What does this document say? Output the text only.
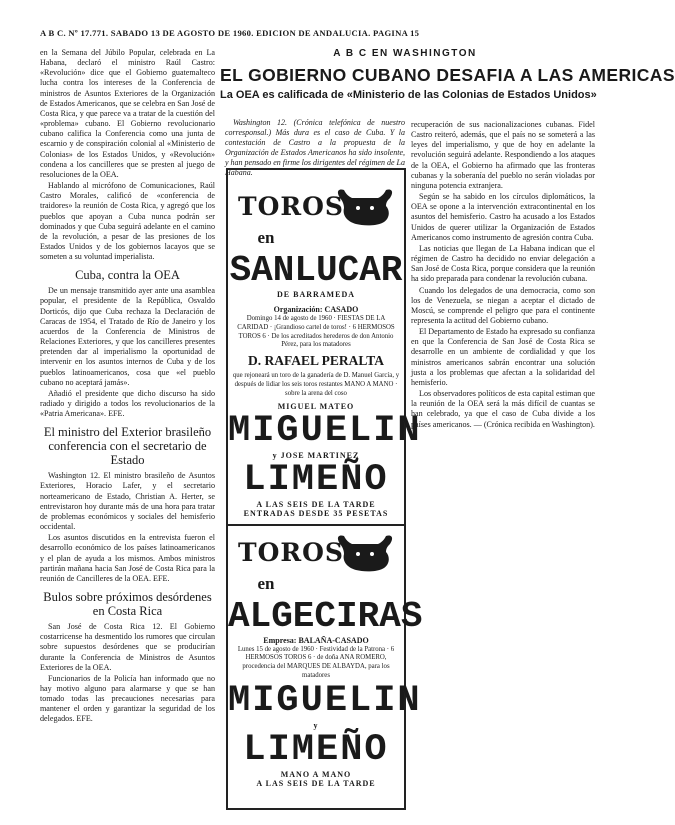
A B C. Nº 17.771. SABADO 13 DE AGOSTO DE 1960. EDICION DE ANDALUCIA. PAGINA 15

en la Semana del Júbilo Popular, celebrada en La Habana, declaró el ministro Raúl Castro: «Revolución» dice que el Gobierno guatemalteco lucha contra los intereses de la Conferencia de ministros de Asuntos Exteriores de la Organización de Estados Americanos, que se celebra en San José de Costa Rica, y que parece va a tratar de la cuestión del «problema» cubano. El Gobierno revolucionario cubano califica la Conferencia como una junta de escarnio y de conspiración colonial al «Ministerio de Colonias» de los Estados Unidos, y «Revolución» condena a los cancilleres que se presten al juego de resoluciones de la OEA.

Hablando al micrófono de Comunicaciones, Raúl Castro Morales, calificó de «conferencia de traidores» la reunión de Costa Rica, y agregó que los pueblos que apoyan a Cuba nunca podrán ser dominados y que Cuba seguirá adelante en el camino de la revolución, a pesar de las presiones de los Estados Unidos y de los gobiernos lacayos que se someten a su voluntad imperialista.

Cuba, contra la OEA

De un mensaje transmitido ayer ante una asamblea popular, el presidente de la República, Osvaldo Dorticós, dijo que Cuba rechaza la Declaración de Caracas de 1954, el Tratado de Río de Janeiro y los acuerdos de la Conferencia de Ministros de Relaciones Exteriores, y que los cancilleres presentes pretenden dar al imperialismo la oportunidad de intervenir en los asuntos internos de Cuba y de los pueblos latinoamericanos, cosa que «el pueblo cubano no aceptará jamás».

Añadió el presidente que dicho discurso ha sido radiado y dirigido a todos los revolucionarios de la «Patria Americana». EFE.

El ministro del Exterior brasileño conferencia con el secretario de Estado

Washington 12. El ministro brasileño de Asuntos Exteriores, Horacio Lafer, y el secretario norteamericano de Estado, Christian A. Herter, se entrevistaron hoy durante más de una hora para tratar de problemas económicos y sociales del hemisferio occidental.

Los asuntos discutidos en la entrevista fueron el desarrollo económico de los países latinoamericanos y el plan de ayuda a los mismos. Ambos ministros partirán mañana hacia San José de Costa Rica para la reunión de Cancilleres de la OEA. EFE.

Bulos sobre próximos desórdenes en Costa Rica

San José de Costa Rica 12. El Gobierno costarricense ha desmentido los rumores que circulan sobre supuestos desórdenes que se producirían durante la Conferencia de Ministros de Asuntos Exteriores de la OEA.

Funcionarios de la Policía han informado que no hay motivo alguno para alarmarse y que se han tomado todas las precauciones necesarias para mantener el orden y garantizar la seguridad de los delegados. EFE.

A B C EN WASHINGTON
EL GOBIERNO CUBANO DESAFIA A LAS AMERICAS
La OEA es calificada de «Ministerio de las Colonias de Estados Unidos»

Washington 12. (Crónica telefónica de nuestro corresponsal.) Más dura es el caso de Cuba. Y la contestación de Castro a la propuesta de la Organización de Estados Americanos ha sido insolente, y han pensado en firme los dirigentes del régimen de La Habana.

TOROS
en
SANLUCAR
DE BARRAMEDA
Organización: CASADO
Domingo 14 de agosto de 1960 · FIESTAS DE LA CARIDAD · ¡Grandioso cartel de toros! · 6 HERMOSOS TOROS 6 · De los acreditados herederos de don Antonio Pérez, para los matadores
D. RAFAEL PERALTA
que rejoneará un toro de la ganadería de D. Manuel García, y después de lidiar los seis toros restantes MANO A MANO · sobre la arena del coso
MIGUEL MATEO
MIGUELIN
y JOSE MARTINEZ
LIMEÑO
A LAS SEIS DE LA TARDE
ENTRADAS DESDE 35 PESETAS
TOROS
en
ALGECIRAS
Empresa: BALAÑA-CASADO
Lunes 15 de agosto de 1960 · Festividad de la Patrona · 6 HERMOSOS TOROS 6 · de doña ANA ROMERO, procedencia del MARQUES DE ALBAYDA, para los matadores
MIGUELIN
y
LIMEÑO
MANO A MANO
A LAS SEIS DE LA TARDE

recuperación de sus nacionalizaciones cubanas. Fidel Castro reiteró, además, que el país no se someterá a las leyes del imperialismo, y que de hoy en adelante la revolución seguirá adelante. Respondiendo a los ataques de la OEA, el Gobierno ha afirmado que las fronteras cubanas y la soberanía del pueblo no serán violadas por ninguna potencia extranjera.

Según se ha sabido en los círculos diplomáticos, la OEA se opone a la intervención extracontinental en los asuntos del hemisferio. Castro ha acusado a los Estados Unidos de querer utilizar la Organización de Estados Americanos como instrumento de agresión contra Cuba.

Las noticias que llegan de La Habana indican que el régimen de Castro ha decidido no enviar delegación a San José de Costa Rica, porque considera que la reunión ha sido preparada para condenar la revolución cubana.

Cuando los delegados de una democracia, como son los de Venezuela, se niegan a aceptar el dictado de Moscú, se comprende el peligro que para el continente representa la actitud del Gobierno cubano.

El Departamento de Estado ha expresado su confianza en que la Conferencia de San José de Costa Rica se desarrolle en un ambiente de cordialidad y que los ministros americanos sabrán encontrar una solución justa a los problemas que afectan a la solidaridad del hemisferio.

Los observadores políticos de esta capital estiman que la reunión de la OEA será la más difícil de cuantas se han celebrado, ya que el caso de Cuba divide a los países americanos. — (Crónica recibida en Washington).
